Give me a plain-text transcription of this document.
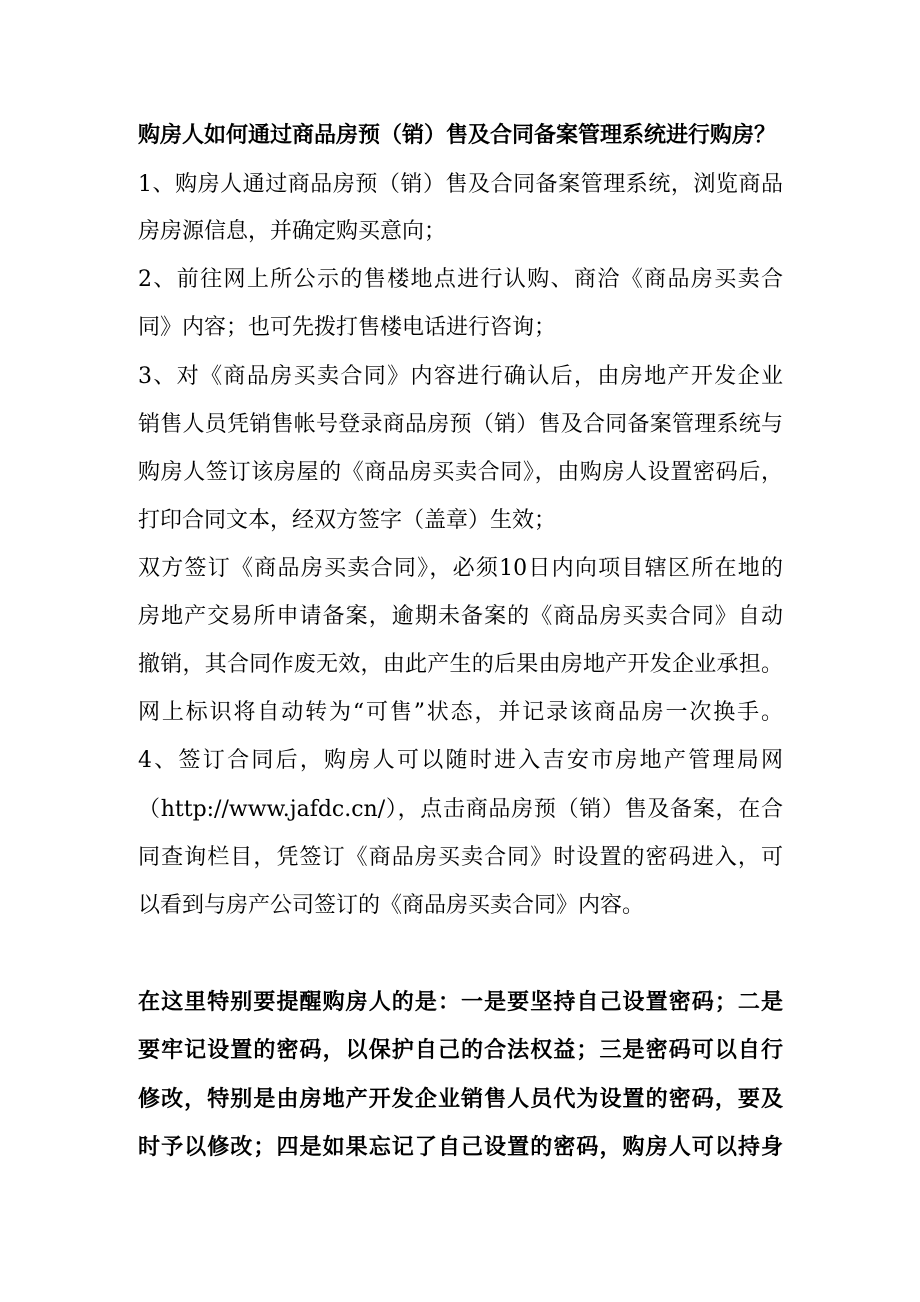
购房人如何通过商品房预（销）售及合同备案管理系统进行购房？
1、购房人通过商品房预（销）售及合同备案管理系统，浏览商品
房房源信息，并确定购买意向；
2、前往网上所公示的售楼地点进行认购、商洽《商品房买卖合
同》内容；也可先拨打售楼电话进行咨询；
3、对《商品房买卖合同》内容进行确认后，由房地产开发企业
销售人员凭销售帐号登录商品房预（销）售及合同备案管理系统与
购房人签订该房屋的《商品房买卖合同》，由购房人设置密码后，
打印合同文本，经双方签字（盖章）生效；
双方签订《商品房买卖合同》，必须10日内向项目辖区所在地的
房地产交易所申请备案，逾期未备案的《商品房买卖合同》自动
撤销，其合同作废无效，由此产生的后果由房地产开发企业承担。
网上标识将自动转为“可售”状态，并记录该商品房一次换手。
4、签订合同后，购房人可以随时进入吉安市房地产管理局网
（http://www.jafdc.cn/），点击商品房预（销）售及备案，在合
同查询栏目，凭签订《商品房买卖合同》时设置的密码进入，可
以看到与房产公司签订的《商品房买卖合同》内容。
在这里特别要提醒购房人的是：一是要坚持自己设置密码；二是
要牢记设置的密码，以保护自己的合法权益；三是密码可以自行
修改，特别是由房地产开发企业销售人员代为设置的密码，要及
时予以修改；四是如果忘记了自己设置的密码，购房人可以持身
